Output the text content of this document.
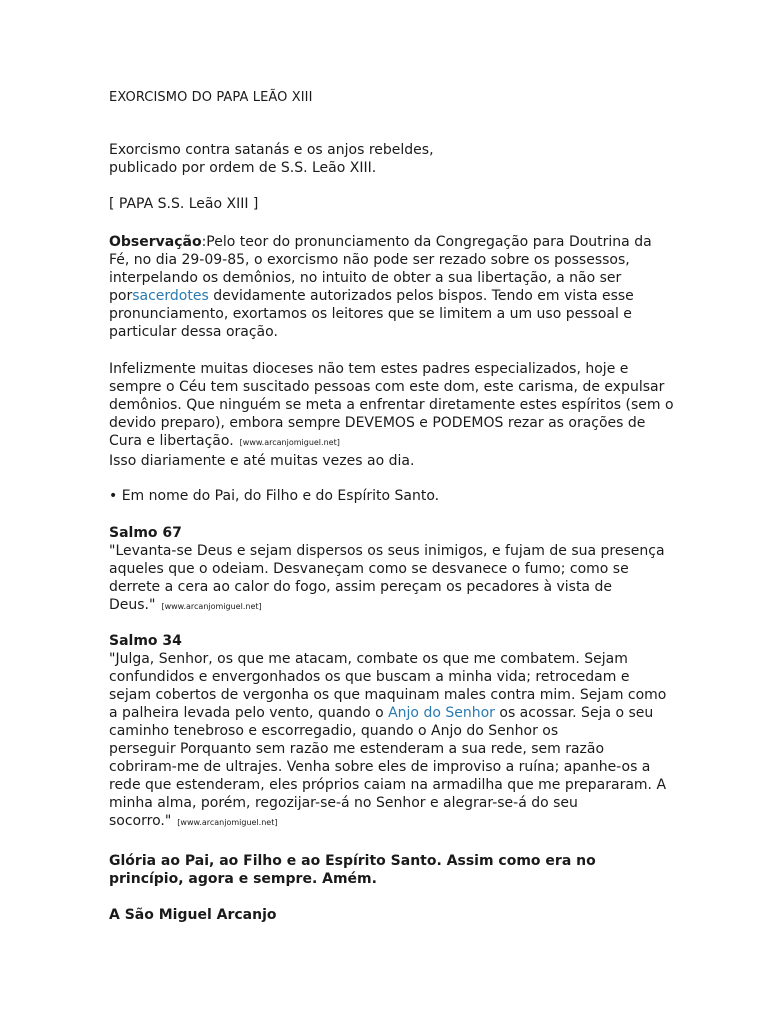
EXORCISMO DO PAPA LEÃO XIII
Exorcismo contra satanás e os anjos rebeldes,
publicado por ordem de S.S. Leão XIII.
[ PAPA S.S. Leão XIII ]
Observação:Pelo teor do pronunciamento da Congregação para Doutrina da
Fé, no dia 29-09-85, o exorcismo não pode ser rezado sobre os possessos,
interpelando os demônios, no intuito de obter a sua libertação, a não ser
porsacerdotes devidamente autorizados pelos bispos. Tendo em vista esse
pronunciamento, exortamos os leitores que se limitem a um uso pessoal e
particular dessa oração.
Infelizmente muitas dioceses não tem estes padres especializados, hoje e
sempre o Céu tem suscitado pessoas com este dom, este carisma, de expulsar
demônios. Que ninguém se meta a enfrentar diretamente estes espíritos (sem o
devido preparo), embora sempre DEVEMOS e PODEMOS rezar as orações de
Cura e libertação. [www.arcanjomiguel.net]
Isso diariamente e até muitas vezes ao dia.
• Em nome do Pai, do Filho e do Espírito Santo.
Salmo 67
"Levanta-se Deus e sejam dispersos os seus inimigos, e fujam de sua presença
aqueles que o odeiam. Desvaneçam como se desvanece o fumo; como se
derrete a cera ao calor do fogo, assim pereçam os pecadores à vista de
Deus." [www.arcanjomiguel.net]
Salmo 34
"Julga, Senhor, os que me atacam, combate os que me combatem. Sejam
confundidos e envergonhados os que buscam a minha vida; retrocedam e
sejam cobertos de vergonha os que maquinam males contra mim. Sejam como
a palheira levada pelo vento, quando o Anjo do Senhor os acossar. Seja o seu
caminho tenebroso e escorregadio, quando o Anjo do Senhor os
perseguir Porquanto sem razão me estenderam a sua rede, sem razão
cobriram-me de ultrajes. Venha sobre eles de improviso a ruína; apanhe-os a
rede que estenderam, eles próprios caiam na armadilha que me prepararam. A
minha alma, porém, regozijar-se-á no Senhor e alegrar-se-á do seu
socorro." [www.arcanjomiguel.net]
Glória ao Pai, ao Filho e ao Espírito Santo. Assim como era no
princípio, agora e sempre. Amém.
A São Miguel Arcanjo
